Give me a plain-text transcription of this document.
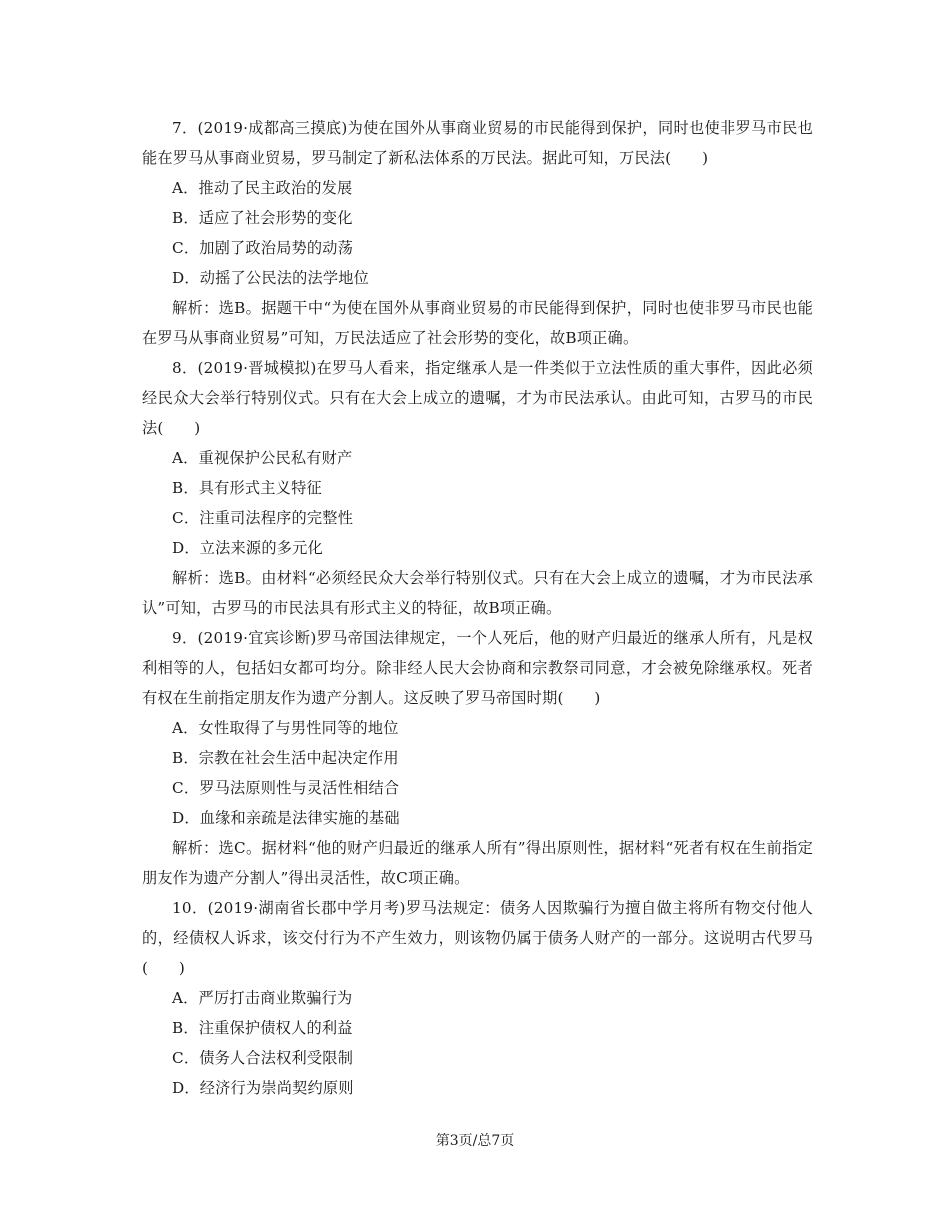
7．(2019·成都高三摸底)为使在国外从事商业贸易的市民能得到保护，同时也使非罗马市民也能在罗马从事商业贸易，罗马制定了新私法体系的万民法。据此可知，万民法(　　)

A．推动了民主政治的发展

B．适应了社会形势的变化

C．加剧了政治局势的动荡

D．动摇了公民法的法学地位

解析：选B。据题干中“为使在国外从事商业贸易的市民能得到保护，同时也使非罗马市民也能在罗马从事商业贸易”可知，万民法适应了社会形势的变化，故B项正确。

8．(2019·晋城模拟)在罗马人看来，指定继承人是一件类似于立法性质的重大事件，因此必须经民众大会举行特别仪式。只有在大会上成立的遗嘱，才为市民法承认。由此可知，古罗马的市民法(　　)

A．重视保护公民私有财产

B．具有形式主义特征

C．注重司法程序的完整性

D．立法来源的多元化

解析：选B。由材料“必须经民众大会举行特别仪式。只有在大会上成立的遗嘱，才为市民法承认”可知，古罗马的市民法具有形式主义的特征，故B项正确。

9．(2019·宜宾诊断)罗马帝国法律规定，一个人死后，他的财产归最近的继承人所有，凡是权利相等的人，包括妇女都可均分。除非经人民大会协商和宗教祭司同意，才会被免除继承权。死者有权在生前指定朋友作为遗产分割人。这反映了罗马帝国时期(　　)

A．女性取得了与男性同等的地位

B．宗教在社会生活中起决定作用

C．罗马法原则性与灵活性相结合

D．血缘和亲疏是法律实施的基础

解析：选C。据材料“他的财产归最近的继承人所有”得出原则性，据材料“死者有权在生前指定朋友作为遗产分割人”得出灵活性，故C项正确。

10．(2019·湖南省长郡中学月考)罗马法规定：债务人因欺骗行为擅自做主将所有物交付他人的，经债权人诉求，该交付行为不产生效力，则该物仍属于债务人财产的一部分。这说明古代罗马(　　)

A．严厉打击商业欺骗行为

B．注重保护债权人的利益

C．债务人合法权利受限制

D．经济行为崇尚契约原则

第3页/总7页
